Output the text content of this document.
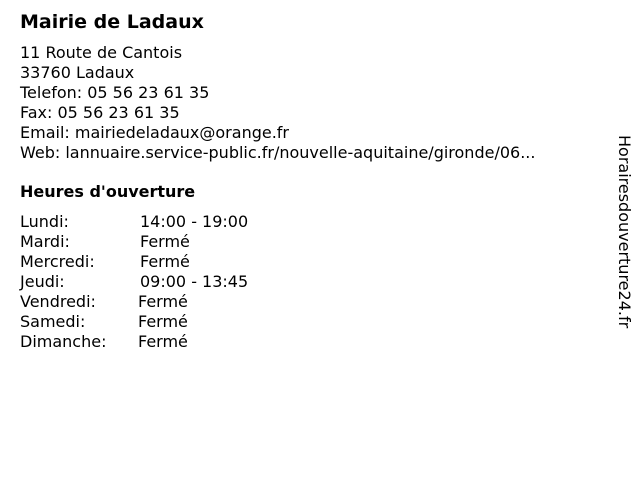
Mairie de Ladaux
11 Route de Cantois
33760 Ladaux
Telefon: 05 56 23 61 35
Fax: 05 56 23 61 35
Email: mairiedeladaux@orange.fr
Web: lannuaire.service-public.fr/nouvelle-aquitaine/gironde/06...
Heures d'ouverture
Lundi:	14:00 - 19:00
Mardi:	Fermé
Mercredi:	Fermé
Jeudi:	09:00 - 13:45
Vendredi:	Fermé
Samedi:	Fermé
Dimanche: Fermé
Horairesdouverture24.fr
